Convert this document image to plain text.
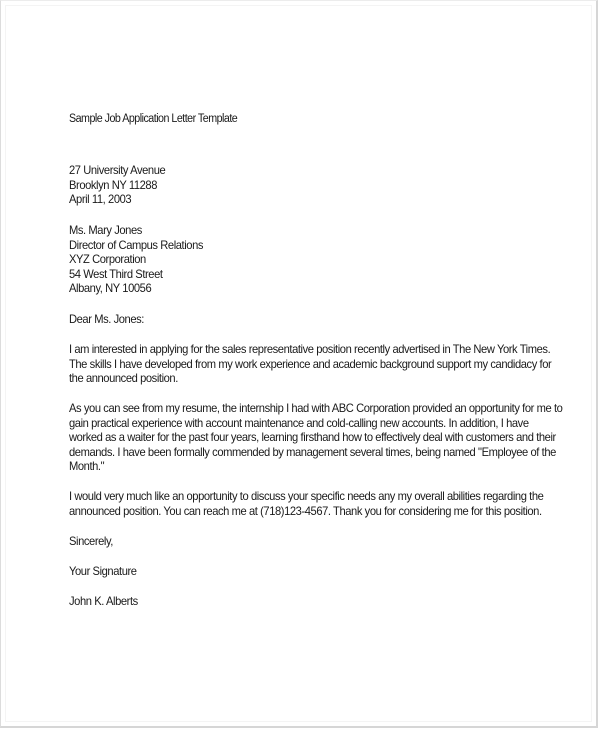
Sample Job Application Letter Template
27 University Avenue
Brooklyn NY 11288
April 11, 2003
Ms. Mary Jones
Director of Campus Relations
XYZ Corporation
54 West Third Street
Albany, NY 10056
Dear Ms. Jones:
I am interested in applying for the sales representative position recently advertised in The New York Times.
The skills I have developed from my work experience and academic background support my candidacy for
the announced position.
As you can see from my resume, the internship I had with ABC Corporation provided an opportunity for me to
gain practical experience with account maintenance and cold-calling new accounts. In addition, I have
worked as a waiter for the past four years, learning firsthand how to effectively deal with customers and their
demands. I have been formally commended by management several times, being named "Employee of the
Month."
I would very much like an opportunity to discuss your specific needs any my overall abilities regarding the
announced position. You can reach me at (718)123-4567. Thank you for considering me for this position.
Sincerely,
Your Signature
John K. Alberts
